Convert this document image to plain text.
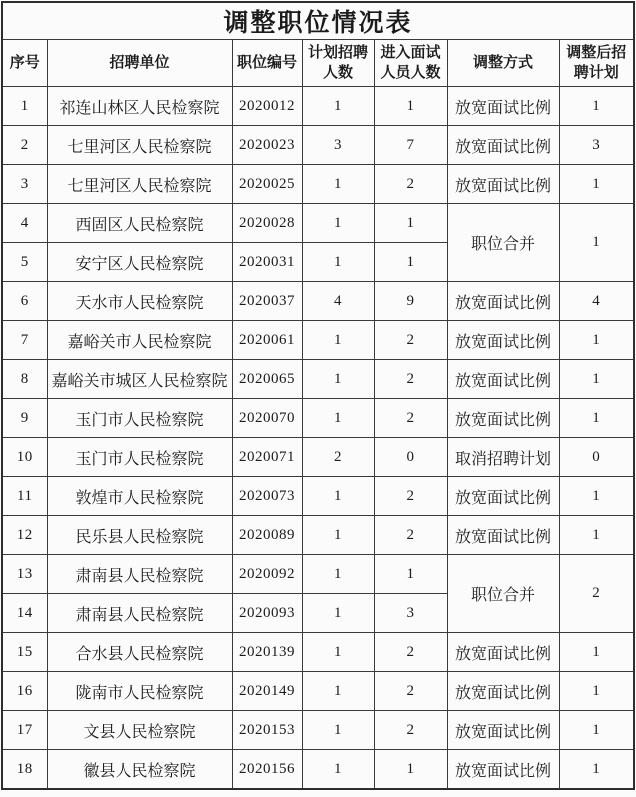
调整职位情况表						
序号	招聘单位	职位编号	计划招聘人数	进入面试人员人数	调整方式	调整后招聘计划
1	祁连山林区人民检察院	2020012	1	1	放宽面试比例	1
2	七里河区人民检察院	2020023	3	7	放宽面试比例	3
3	七里河区人民检察院	2020025	1	2	放宽面试比例	1
4	西固区人民检察院	2020028	1	1	职位合并	1
5	安宁区人民检察院	2020031	1	1		
6	天水市人民检察院	2020037	4	9	放宽面试比例	4
7	嘉峪关市人民检察院	2020061	1	2	放宽面试比例	1
8	嘉峪关市城区人民检察院	2020065	1	2	放宽面试比例	1
9	玉门市人民检察院	2020070	1	2	放宽面试比例	1
10	玉门市人民检察院	2020071	2	0	取消招聘计划	0
11	敦煌市人民检察院	2020073	1	2	放宽面试比例	1
12	民乐县人民检察院	2020089	1	2	放宽面试比例	1
13	肃南县人民检察院	2020092	1	1	职位合并	2
14	肃南县人民检察院	2020093	1	3		
15	合水县人民检察院	2020139	1	2	放宽面试比例	1
16	陇南市人民检察院	2020149	1	2	放宽面试比例	1
17	文县人民检察院	2020153	1	2	放宽面试比例	1
18	徽县人民检察院	2020156	1	1	放宽面试比例	1
